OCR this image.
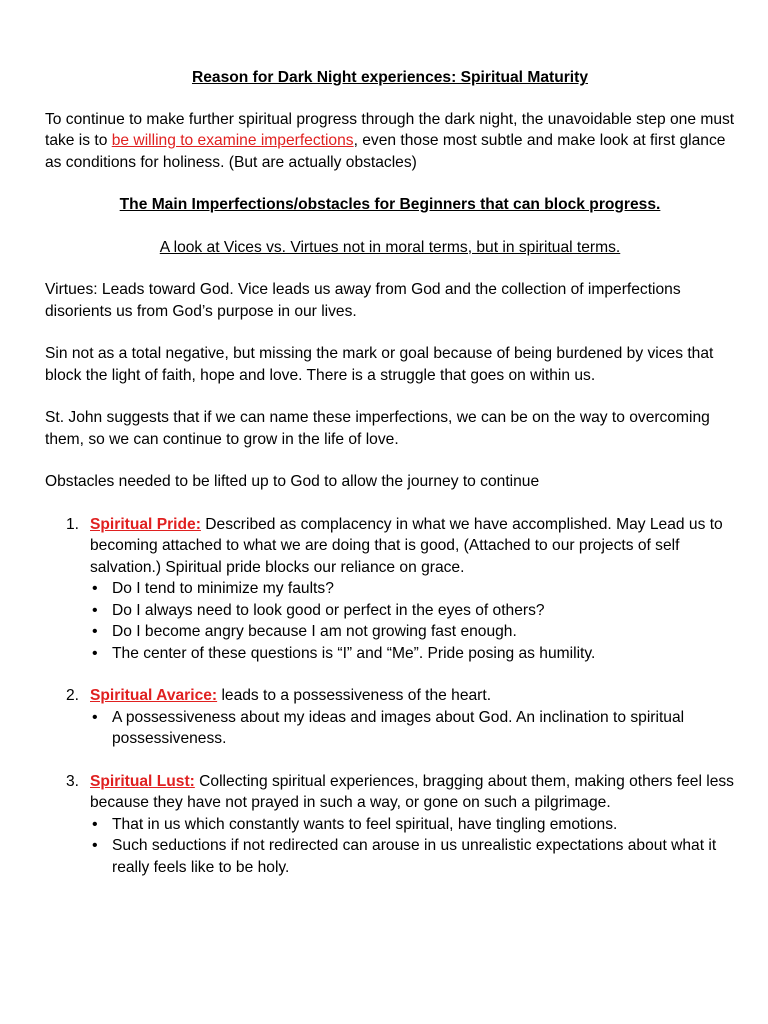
Reason for Dark Night experiences: Spiritual Maturity

To continue to make further spiritual progress through the dark night, the unavoidable step one must take is to be willing to examine imperfections, even those most subtle and make look at first glance as conditions for holiness. (But are actually obstacles)

The Main Imperfections/obstacles for Beginners that can block progress.

A look at Vices vs. Virtues not in moral terms, but in spiritual terms.

Virtues: Leads toward God. Vice leads us away from God and the collection of imperfections disorients us from God’s purpose in our lives.

Sin not as a total negative, but missing the mark or goal because of being burdened by vices that block the light of faith, hope and love. There is a struggle that goes on within us.

St. John suggests that if we can name these imperfections, we can be on the way to overcoming them, so we can continue to grow in the life of love.

Obstacles needed to be lifted up to God to allow the journey to continue

1. Spiritual Pride: Described as complacency in what we have accomplished. May Lead us to becoming attached to what we are doing that is good, (Attached to our projects of self salvation.) Spiritual pride blocks our reliance on grace.
• Do I tend to minimize my faults?
• Do I always need to look good or perfect in the eyes of others?
• Do I become angry because I am not growing fast enough.
• The center of these questions is “I” and “Me”. Pride posing as humility.
2. Spiritual Avarice: leads to a possessiveness of the heart.
• A possessiveness about my ideas and images about God. An inclination to spiritual possessiveness.
3. Spiritual Lust: Collecting spiritual experiences, bragging about them, making others feel less because they have not prayed in such a way, or gone on such a pilgrimage.
• That in us which constantly wants to feel spiritual, have tingling emotions.
• Such seductions if not redirected can arouse in us unrealistic expectations about what it really feels like to be holy.
